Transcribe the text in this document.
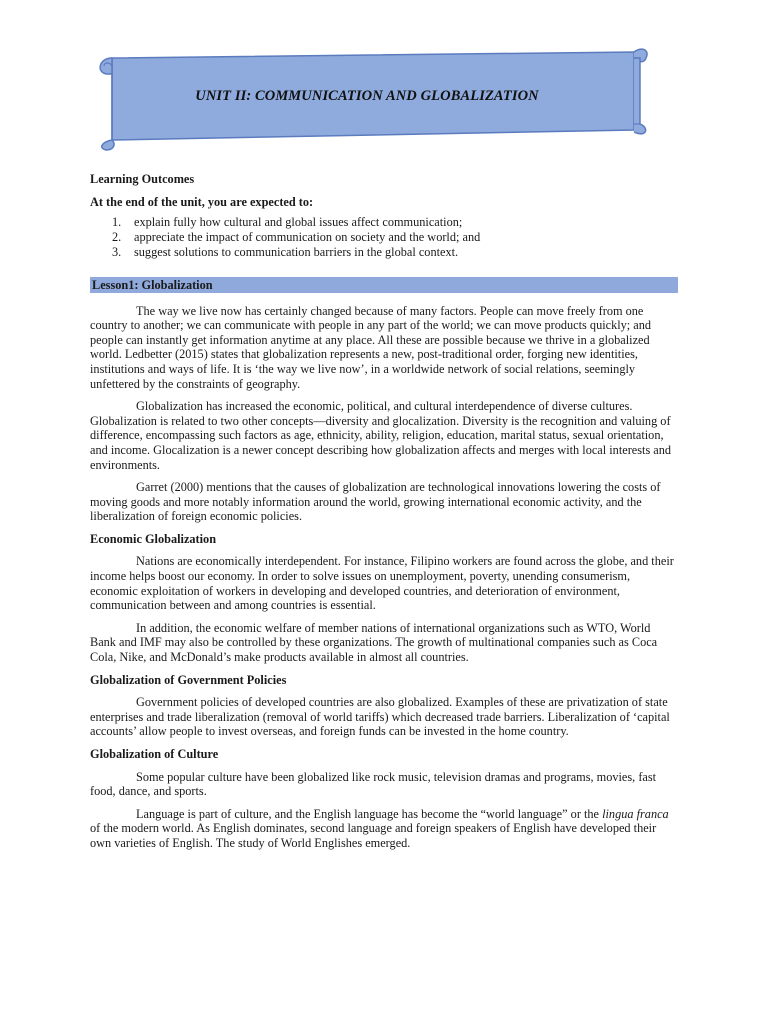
UNIT II: COMMUNICATION AND GLOBALIZATION

Learning Outcomes

At the end of the unit, you are expected to:

1.	explain fully how cultural and global issues affect communication;
2.	appreciate the impact of communication on society and the world; and
3.	suggest solutions to communication barriers in the global context.
Lesson1: Globalization

The way we live now has certainly changed because of many factors. People can move freely from one country to another; we can communicate with people in any part of the world; we can move products quickly; and people can instantly get information anytime at any place. All these are possible because we thrive in a globalized world. Ledbetter (2015) states that globalization represents a new, post-traditional order, forging new identities, institutions and ways of life. It is ‘the way we live now’, in a worldwide network of social relations, seemingly unfettered by the constraints of geography.

Globalization has increased the economic, political, and cultural interdependence of diverse cultures. Globalization is related to two other concepts—diversity and glocalization. Diversity is the recognition and valuing of difference, encompassing such factors as age, ethnicity, ability, religion, education, marital status, sexual orientation, and income. Glocalization is a newer concept describing how globalization affects and merges with local interests and environments.

Garret (2000) mentions that the causes of globalization are technological innovations lowering the costs of moving goods and more notably information around the world, growing international economic activity, and the liberalization of foreign economic policies.

Economic Globalization

Nations are economically interdependent. For instance, Filipino workers are found across the globe, and their income helps boost our economy. In order to solve issues on unemployment, poverty, unending consumerism, economic exploitation of workers in developing and developed countries, and deterioration of environment, communication between and among countries is essential.

In addition, the economic welfare of member nations of international organizations such as WTO, World Bank and IMF may also be controlled by these organizations. The growth of multinational companies such as Coca Cola, Nike, and McDonald’s make products available in almost all countries.

Globalization of Government Policies

Government policies of developed countries are also globalized. Examples of these are privatization of state enterprises and trade liberalization (removal of world tariffs) which decreased trade barriers. Liberalization of ‘capital accounts’ allow people to invest overseas, and foreign funds can be invested in the home country.

Globalization of Culture

Some popular culture have been globalized like rock music, television dramas and programs, movies, fast food, dance, and sports.

Language is part of culture, and the English language has become the “world language” or the lingua franca of the modern world. As English dominates, second language and foreign speakers of English have developed their own varieties of English. The study of World Englishes emerged.
